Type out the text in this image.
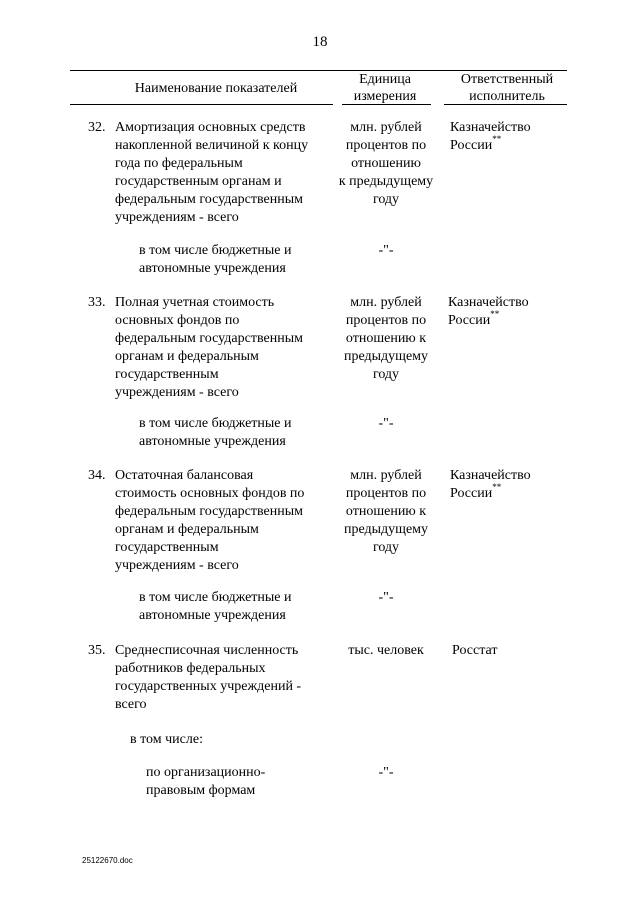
18
Наименование показателей
Единица
измерения
Ответственный
исполнитель
32. Амортизация основных средств
накопленной величиной к концу
года по федеральным
государственным органам и
федеральным государственным
учреждениям - всего
млн. рублей
процентов по
отношению
к предыдущему
году
Казначейство
России**
в том числе бюджетные и
автономные учреждения
-"-
33. Полная учетная стоимость
основных фондов по
федеральным государственным
органам и федеральным
государственным
учреждениям - всего
млн. рублей
процентов по
отношению к
предыдущему
году
Казначейство
России**
в том числе бюджетные и
автономные учреждения
-"-
34. Остаточная балансовая
стоимость основных фондов по
федеральным государственным
органам и федеральным
государственным
учреждениям - всего
млн. рублей
процентов по
отношению к
предыдущему
году
Казначейство
России**
в том числе бюджетные и
автономные учреждения
-"-
35. Среднесписочная численность
работников федеральных
государственных учреждений -
всего
тыс. человек	Росстат
в том числе:
по организационно-
правовым формам
-"-
25122670.doc
